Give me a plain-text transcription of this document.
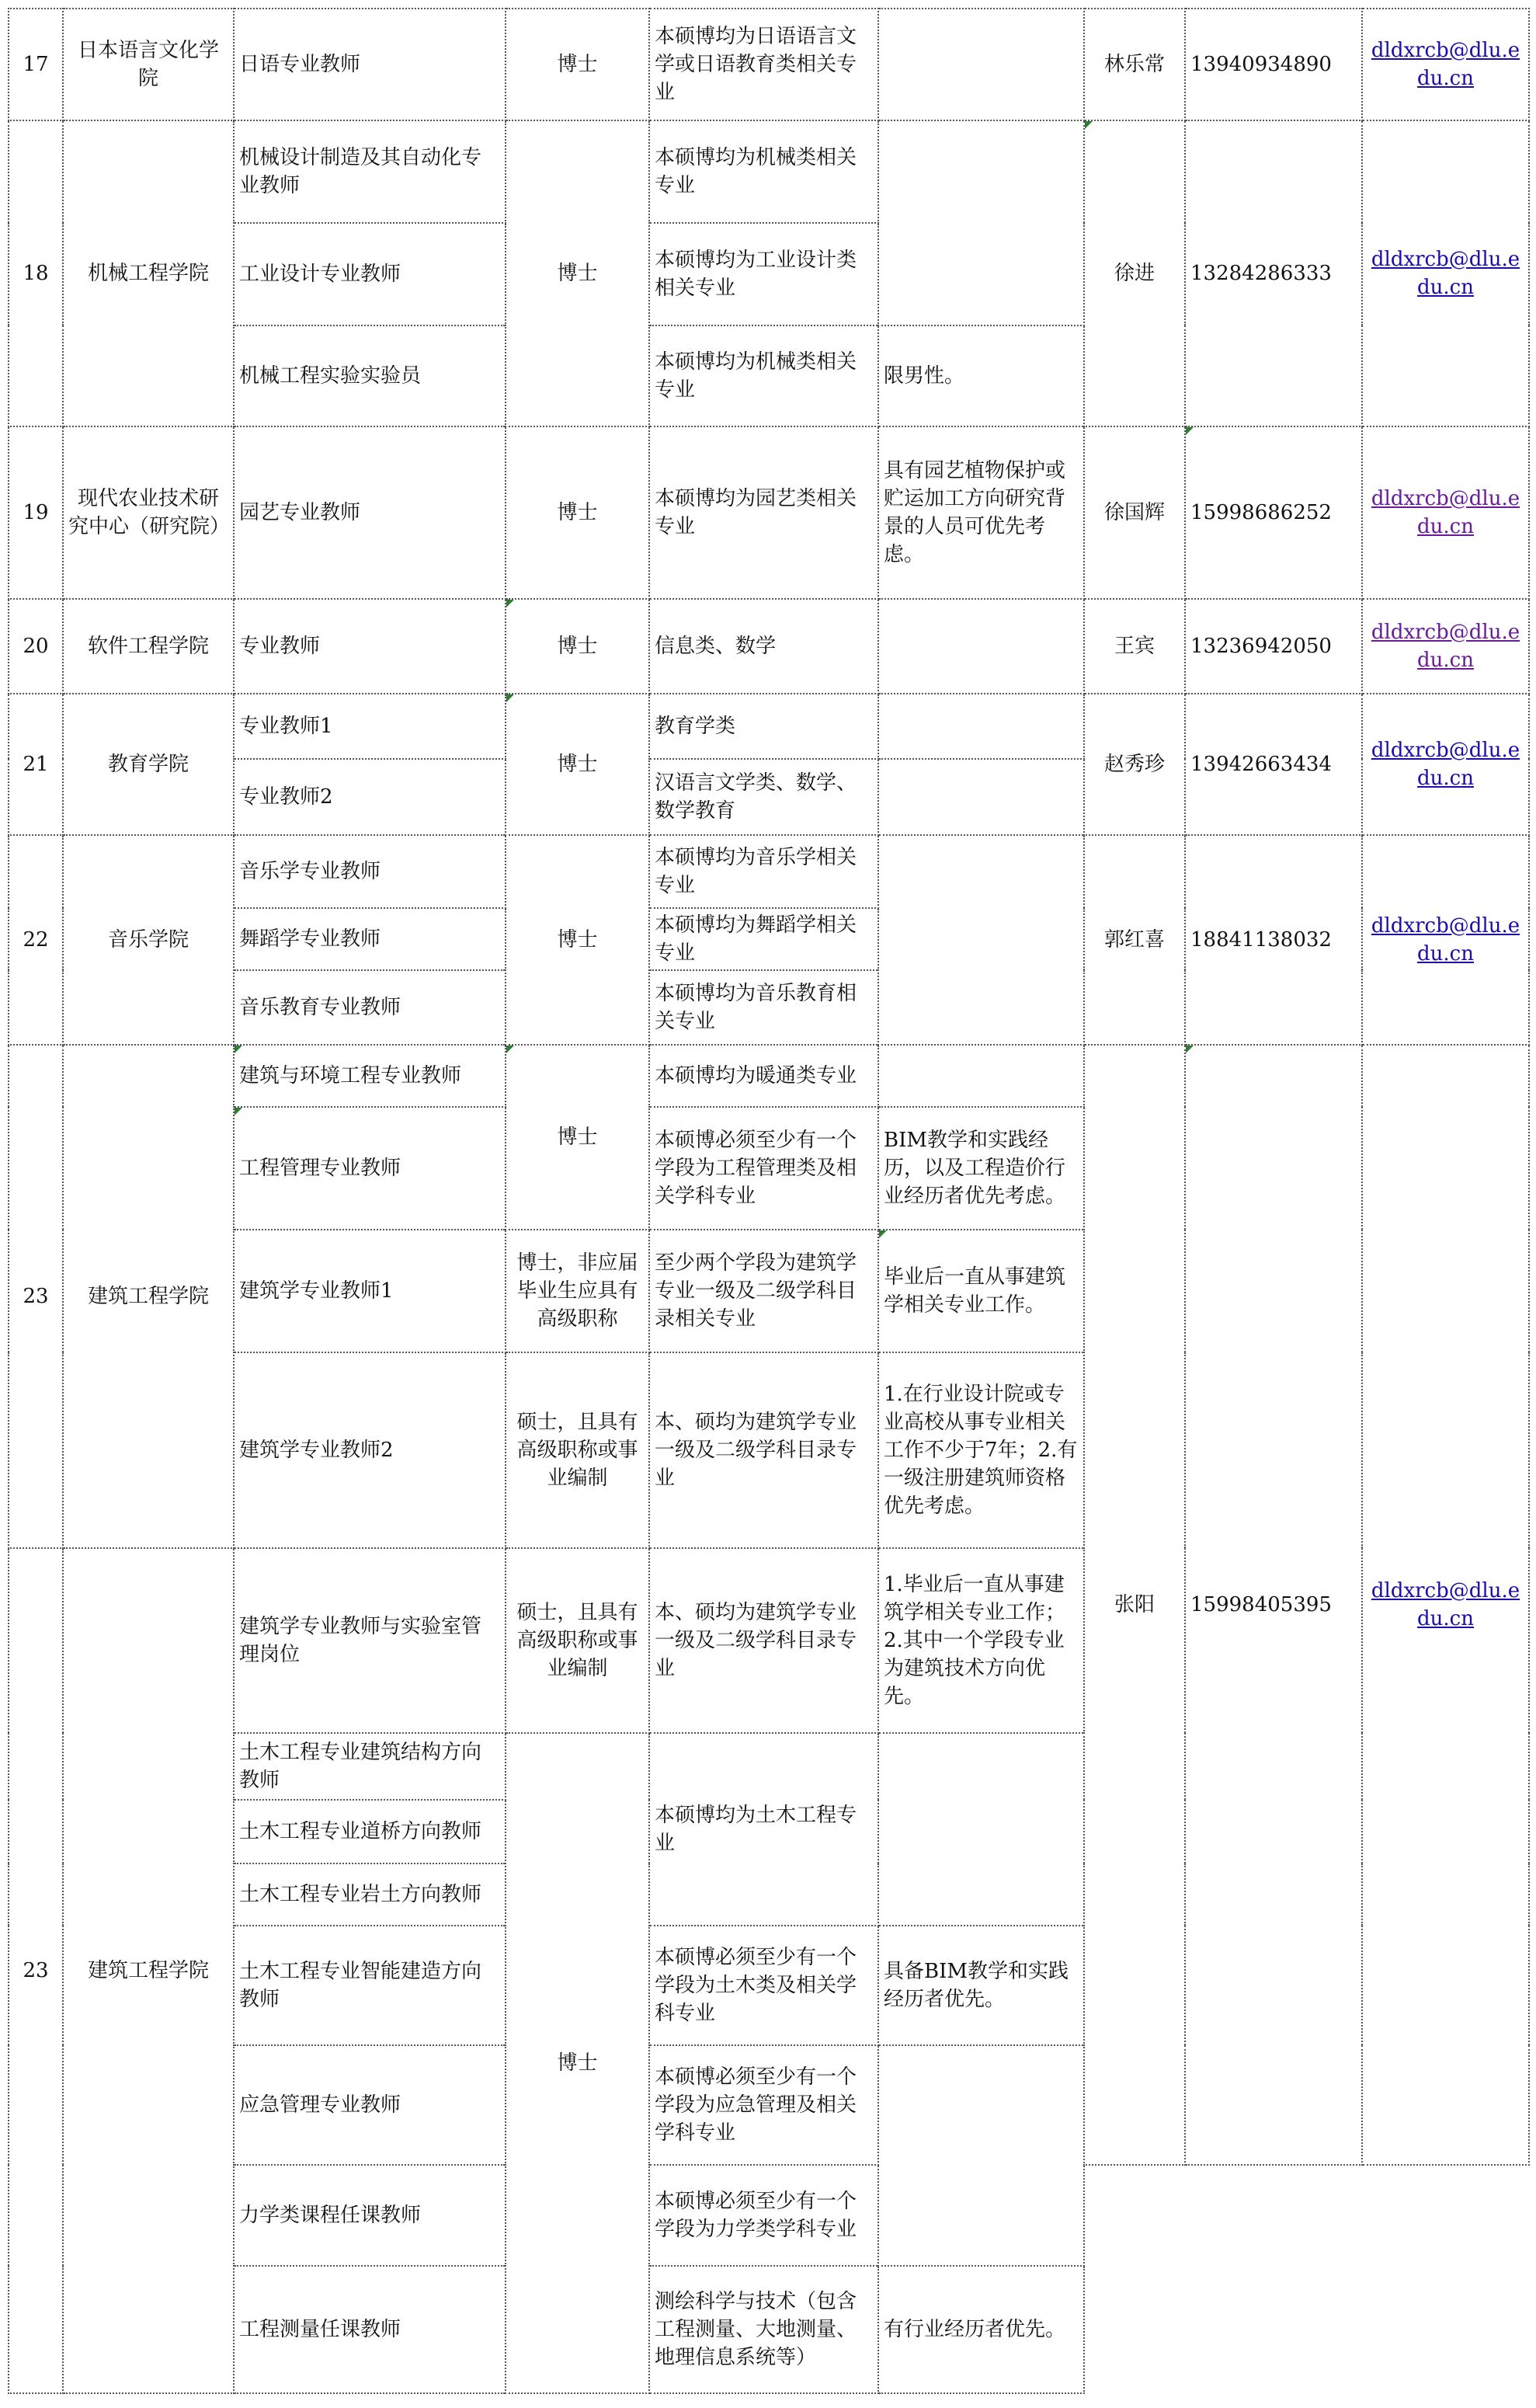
17	日本语言文化学院	日语专业教师	博士	本硕博均为日语语言文学或日语教育类相关专业		林乐常	13940934890	dldxrcb@dlu.edu.cn
18	机械工程学院	机械设计制造及其自动化专业教师	博士	本硕博均为机械类相关专业		徐进	13284286333	dldxrcb@dlu.edu.cn
		工业设计专业教师		本硕博均为工业设计类相关专业				
		机械工程实验实验员		本硕博均为机械类相关专业	限男性。			
19	现代农业技术研究中心（研究院）	园艺专业教师	博士	本硕博均为园艺类相关专业	具有园艺植物保护或贮运加工方向研究背景的人员可优先考虑。	徐国辉	15998686252	dldxrcb@dlu.edu.cn
20	软件工程学院	专业教师	博士	信息类、数学		王宾	13236942050	dldxrcb@dlu.edu.cn
21	教育学院	专业教师1	博士	教育学类		赵秀珍	13942663434	dldxrcb@dlu.edu.cn
		专业教师2		汉语言文学类、数学、数学教育				
22	音乐学院	音乐学专业教师	博士	本硕博均为音乐学相关专业		郭红喜	18841138032	dldxrcb@dlu.edu.cn
		舞蹈学专业教师		本硕博均为舞蹈学相关专业				
		音乐教育专业教师		本硕博均为音乐教育相关专业				
23	建筑工程学院	建筑与环境工程专业教师	博士	本硕博均为暖通类专业		张阳	15998405395	dldxrcb@dlu.edu.cn
		工程管理专业教师		本硕博必须至少有一个学段为工程管理类及相关学科专业	BIM教学和实践经历，以及工程造价行业经历者优先考虑。			
		建筑学专业教师1	博士，非应届毕业生应具有高级职称	至少两个学段为建筑学专业一级及二级学科目录相关专业	毕业后一直从事建筑学相关专业工作。			
		建筑学专业教师2	硕士，且具有高级职称或事业编制	本、硕均为建筑学专业一级及二级学科目录专业	1.在行业设计院或专业高校从事专业相关工作不少于7年；2.有一级注册建筑师资格优先考虑。			
23	建筑工程学院	建筑学专业教师与实验室管理岗位	硕士，且具有高级职称或事业编制	本、硕均为建筑学专业一级及二级学科目录专业	1.毕业后一直从事建筑学相关专业工作；2.其中一个学段专业为建筑技术方向优先。			
		土木工程专业建筑结构方向教师	博士	本硕博均为土木工程专业				
		土木工程专业道桥方向教师						
		土木工程专业岩土方向教师						
		土木工程专业智能建造方向教师		本硕博必须至少有一个学段为土木类及相关学科专业	具备BIM教学和实践经历者优先。			
		应急管理专业教师		本硕博必须至少有一个学段为应急管理及相关学科专业				
		力学类课程任课教师		本硕博必须至少有一个学段为力学类学科专业				
		工程测量任课教师		测绘科学与技术（包含工程测量、大地测量、地理信息系统等）	有行业经历者优先。			
